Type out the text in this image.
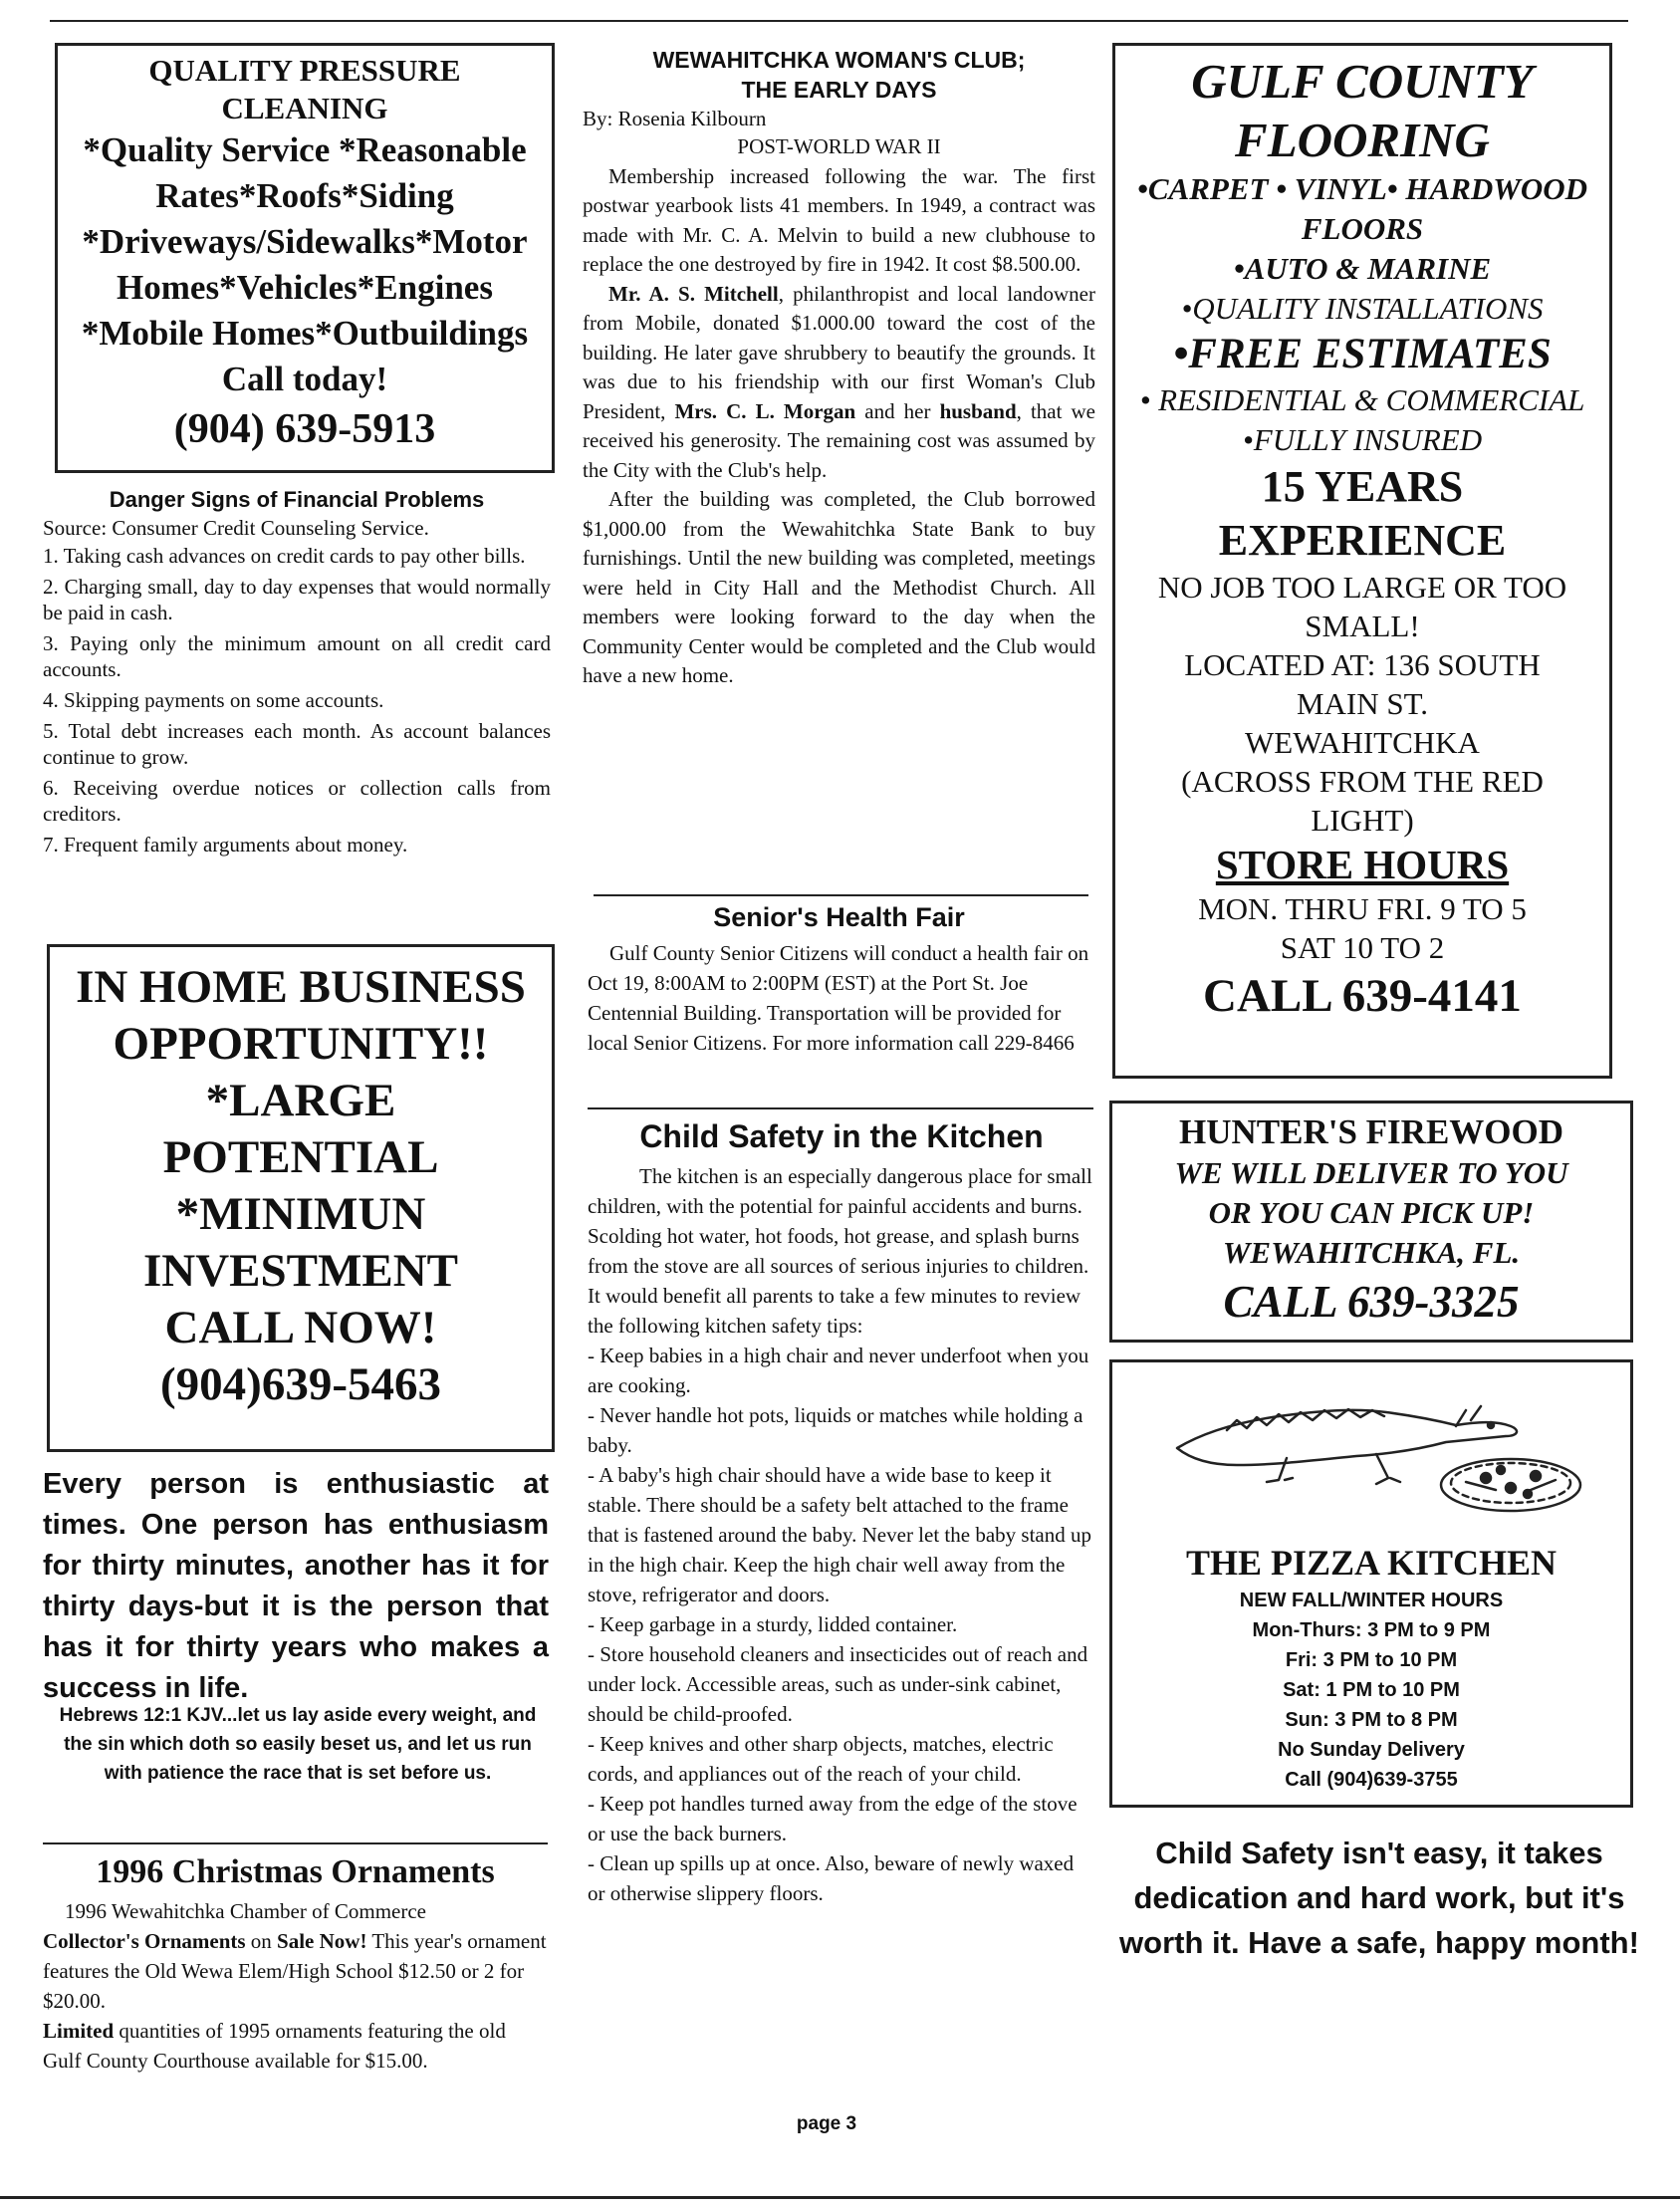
QUALITY PRESSURE
CLEANING
*Quality Service *Reasonable
Rates*Roofs*Siding
*Driveways/Sidewalks*Motor
Homes*Vehicles*Engines
*Mobile Homes*Outbuildings
Call today!
(904) 639-5913
Danger Signs of Financial Problems
Source: Consumer Credit Counseling Service.
1. Taking cash advances on credit cards to pay other bills.
2. Charging small, day to day expenses that would normally be paid in cash.
3. Paying only the minimum amount on all credit card accounts.
4. Skipping payments on some accounts.
5. Total debt increases each month. As account balances continue to grow.
6. Receiving overdue notices or collection calls from creditors.
7. Frequent family arguments about money.
IN HOME BUSINESS
OPPORTUNITY!!
*LARGE
POTENTIAL
*MINIMUN
INVESTMENT
CALL NOW!
(904)639-5463
Every person is enthusiastic at times. One person has enthusiasm for thirty minutes, another has it for thirty days-but it is the person that has it for thirty years who makes a success in life.
Hebrews 12:1 KJV...let us lay aside every weight, and the sin which doth so easily beset us, and let us run with patience the race that is set before us.
1996 Christmas Ornaments

1996 Wewahitchka Chamber of Commerce
Collector's Ornaments on Sale Now! This year's ornament features the Old Wewa Elem/High School $12.50 or 2 for $20.00.

Limited quantities of 1995 ornaments featuring the old Gulf County Courthouse available for $15.00.

WEWAHITCHKA WOMAN'S CLUB;
THE EARLY DAYS
By: Rosenia Kilbourn
POST-WORLD WAR II

Membership increased following the war. The first postwar yearbook lists 41 members. In 1949, a contract was made with Mr. C. A. Melvin to build a new clubhouse to replace the one destroyed by fire in 1942. It cost $8.500.00.

Mr. A. S. Mitchell, philanthropist and local landowner from Mobile, donated $1.000.00 toward the cost of the building. He later gave shrubbery to beautify the grounds. It was due to his friendship with our first Woman's Club President, Mrs. C. L. Morgan and her husband, that we received his generosity. The remaining cost was assumed by the City with the Club's help.

After the building was completed, the Club borrowed $1,000.00 from the Wewahitchka State Bank to buy furnishings. Until the new building was completed, meetings were held in City Hall and the Methodist Church. All members were looking forward to the day when the Community Center would be completed and the Club would have a new home.

Senior's Health Fair

Gulf County Senior Citizens will conduct a health fair on Oct 19, 8:00AM to 2:00PM (EST) at the Port St. Joe Centennial Building. Transportation will be provided for local Senior Citizens. For more information call 229-8466

Child Safety in the Kitchen

The kitchen is an especially dangerous place for small children, with the potential for painful accidents and burns. Scolding hot water, hot foods, hot grease, and splash burns from the stove are all sources of serious injuries to children. It would benefit all parents to take a few minutes to review the following kitchen safety tips:

- Keep babies in a high chair and never underfoot when you are cooking.
- Never handle hot pots, liquids or matches while holding a baby.
- A baby's high chair should have a wide base to keep it stable. There should be a safety belt attached to the frame that is fastened around the baby. Never let the baby stand up in the high chair. Keep the high chair well away from the stove, refrigerator and doors.
- Keep garbage in a sturdy, lidded container.
- Store household cleaners and insecticides out of reach and under lock. Accessible areas, such as under-sink cabinet, should be child-proofed.
- Keep knives and other sharp objects, matches, electric cords, and appliances out of the reach of your child.
- Keep pot handles turned away from the edge of the stove or use the back burners.
- Clean up spills up at once. Also, beware of newly waxed or otherwise slippery floors.
page 3
GULF COUNTY
FLOORING
•CARPET • VINYL• HARDWOOD
FLOORS
•AUTO & MARINE
•QUALITY INSTALLATIONS
•FREE ESTIMATES
• RESIDENTIAL & COMMERCIAL
•FULLY INSURED
15 YEARS
EXPERIENCE
NO JOB TOO LARGE OR TOO
SMALL!
LOCATED AT: 136 SOUTH
MAIN ST.
WEWAHITCHKA
(ACROSS FROM THE RED
LIGHT)
STORE HOURS
MON. THRU FRI. 9 TO 5
SAT 10 TO 2
CALL 639-4141
HUNTER'S FIREWOOD
WE WILL DELIVER TO YOU
OR YOU CAN PICK UP!
WEWAHITCHKA, FL.
CALL 639-3325
THE PIZZA KITCHEN
NEW FALL/WINTER HOURS
Mon-Thurs: 3 PM to 9 PM
Fri: 3 PM to 10 PM
Sat: 1 PM to 10 PM
Sun: 3 PM to 8 PM
No Sunday Delivery
Call (904)639-3755
Child Safety isn't easy, it takes dedication and hard work, but it's worth it. Have a safe, happy month!
